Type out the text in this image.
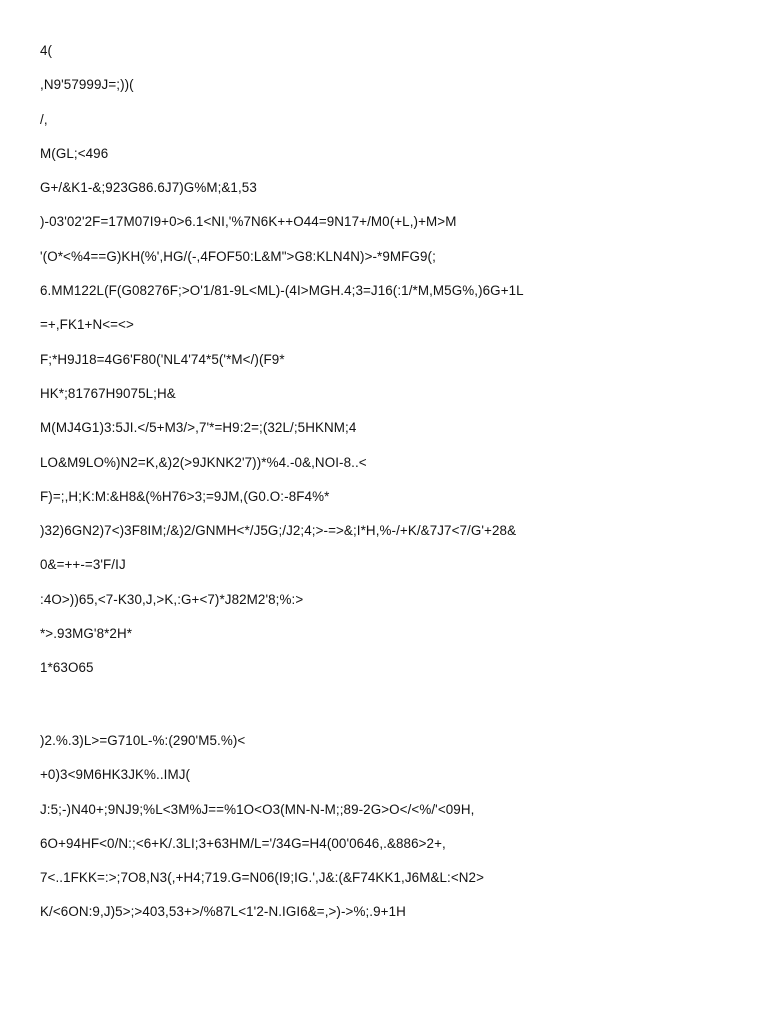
4(
,N9'57999J=;))(
/,
M(GL;<496
G+/&K1-&;923G86.6J7)G%M;&1,53
)-03'02'2F=17M07I9+0>6.1<NI,'%7N6K++O44=9N17+/M0(+L,)+M>M
'(O*<%4==G)KH(%',HG/(-,4FOF50:L&M">G8:KLN4N)>-*9MFG9(;
6.MM122L(F(G08276F;>O'1/81-9L<ML)-(4I>MGH.4;3=J16(:1/*M,M5G%,)6G+1L
=+,FK1+N<=<>
F;*H9J18=4G6'F80('NL4'74*5('*M</)(F9*
HK*;81767H9075L;H&
M(MJ4G1)3:5JI.</5+M3/>,7'*=H9:2=;(32L/;5HKNM;4
LO&M9LO%)N2=K,&)2(>9JKNK2'7))*%4.-0&,NOI-8..<
F)=;,H;K:M:&H8&(%H76>3;=9JM,(G0.O:-8F4%*
)32)6GN2)7<)3F8IM;/&)2/GNMH<*/J5G;/J2;4;>-=>&;I*H,%-/+K/&7J7<7/G'+28&
0&=++-=3'F/IJ
:4O>))65,<7-K30,J,>K,:G+<7)*J82M2'8;%:>
*>.93MG'8*2H*
1*63O65
)2.%.3)L>=G710L-%:(290'M5.%)<
+0)3<9M6HK3JK%..IMJ(
J:5;-)N40+;9NJ9;%L<3M%J==%1O<O3(MN-N-M;;89-2G>O</<%/'<09H,
6O+94HF<0/N:;<6+K/.3LI;3+63HM/L='/34G=H4(00'0646,.&886>2+,
7<..1FKK=:>;7O8,N3(,+H4;719.G=N06(I9;IG.',J&:(&F74KK1,J6M&L:<N2>
K/<6ON:9,J)5>;>403,53+>/%87L<1'2-N.IGI6&=,>)->%;.9+1H
